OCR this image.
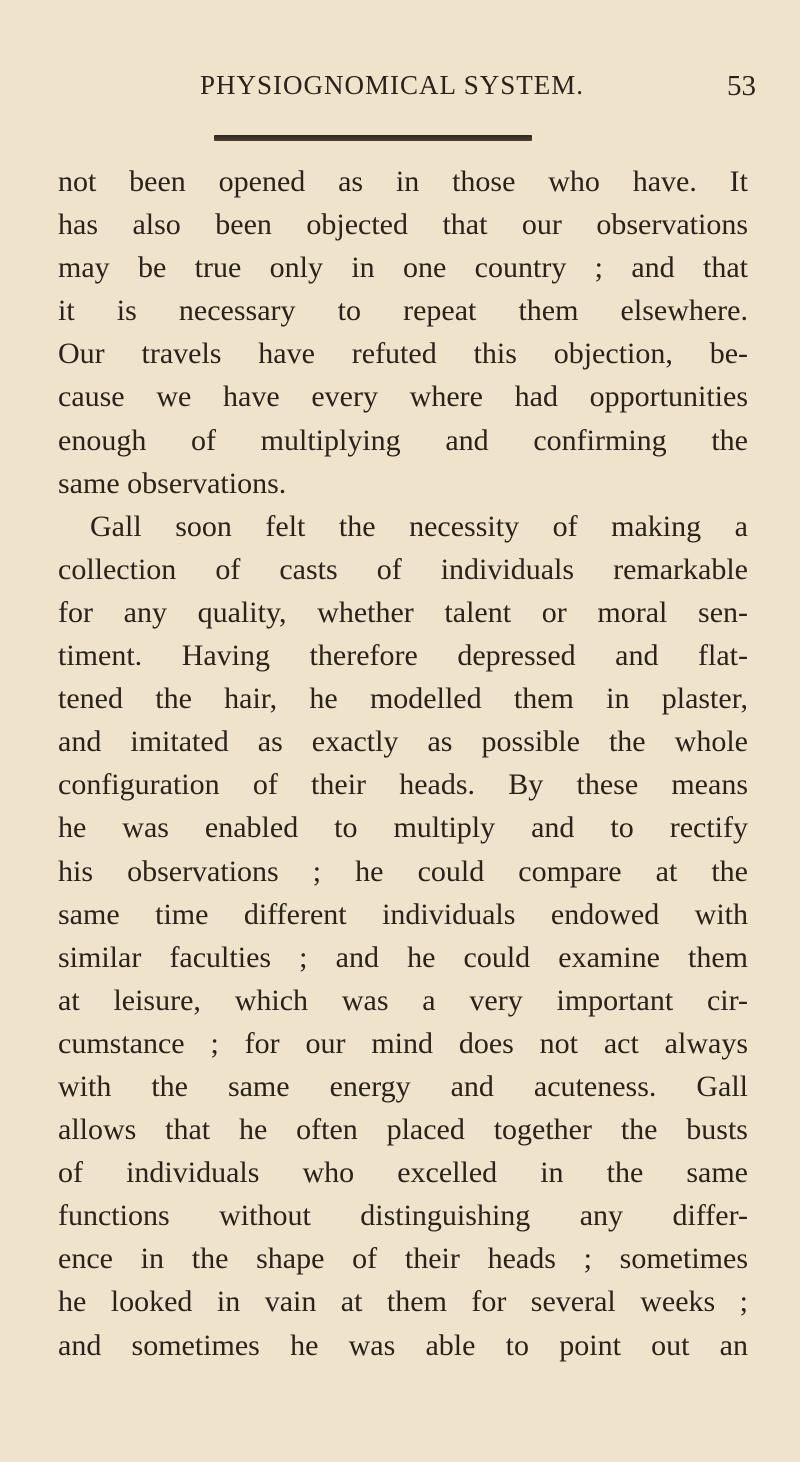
PHYSIOGNOMICAL SYSTEM.	53
not been opened as in those who have. It
has also been objected that our observations
may be true only in one country ; and that
it is necessary to repeat them elsewhere.
Our travels have refuted this objection, be-
cause we have every where had opportunities
enough of multiplying and confirming the
same observations.
Gall soon felt the necessity of making a
collection of casts of individuals remarkable
for any quality, whether talent or moral sen-
timent. Having therefore depressed and flat-
tened the hair, he modelled them in plaster,
and imitated as exactly as possible the whole
configuration of their heads. By these means
he was enabled to multiply and to rectify
his observations ; he could compare at the
same time different individuals endowed with
similar faculties ; and he could examine them
at leisure, which was a very important cir-
cumstance ; for our mind does not act always
with the same energy and acuteness. Gall
allows that he often placed together the busts
of individuals who excelled in the same
functions without distinguishing any differ-
ence in the shape of their heads ; sometimes
he looked in vain at them for several weeks ;
and sometimes he was able to point out an
